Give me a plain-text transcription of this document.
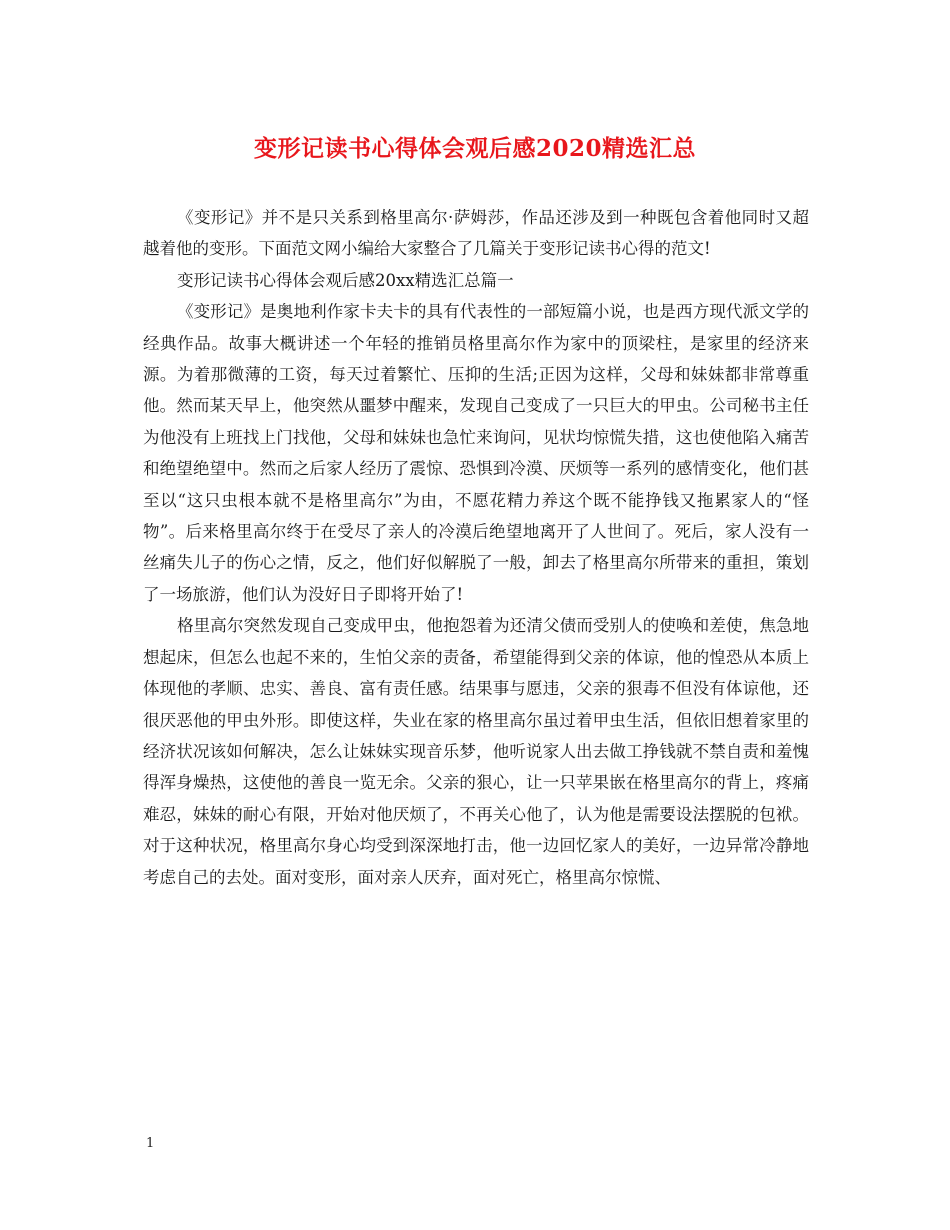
变形记读书心得体会观后感2020精选汇总

《变形记》并不是只关系到格里高尔·萨姆莎，作品还涉及到一种既包含着他同时又超越着他的变形。下面范文网小编给大家整合了几篇关于变形记读书心得的范文!

变形记读书心得体会观后感20xx精选汇总篇一

《变形记》是奥地利作家卡夫卡的具有代表性的一部短篇小说，也是西方现代派文学的经典作品。故事大概讲述一个年轻的推销员格里高尔作为家中的顶梁柱，是家里的经济来源。为着那微薄的工资，每天过着繁忙、压抑的生活;正因为这样，父母和妹妹都非常尊重他。然而某天早上，他突然从噩梦中醒来，发现自己变成了一只巨大的甲虫。公司秘书主任为他没有上班找上门找他，父母和妹妹也急忙来询问，见状均惊慌失措，这也使他陷入痛苦和绝望绝望中。然而之后家人经历了震惊、恐惧到冷漠、厌烦等一系列的感情变化，他们甚至以“这只虫根本就不是格里高尔”为由，不愿花精力养这个既不能挣钱又拖累家人的“怪物”。后来格里高尔终于在受尽了亲人的冷漠后绝望地离开了人世间了。死后，家人没有一丝痛失儿子的伤心之情，反之，他们好似解脱了一般，卸去了格里高尔所带来的重担，策划了一场旅游，他们认为没好日子即将开始了!

格里高尔突然发现自己变成甲虫，他抱怨着为还清父债而受别人的使唤和差使，焦急地想起床，但怎么也起不来的，生怕父亲的责备，希望能得到父亲的体谅，他的惶恐从本质上体现他的孝顺、忠实、善良、富有责任感。结果事与愿违，父亲的狠毒不但没有体谅他，还很厌恶他的甲虫外形。即使这样，失业在家的格里高尔虽过着甲虫生活，但依旧想着家里的经济状况该如何解决，怎么让妹妹实现音乐梦，他听说家人出去做工挣钱就不禁自责和羞愧得浑身燥热，这使他的善良一览无余。父亲的狠心，让一只苹果嵌在格里高尔的背上，疼痛难忍，妹妹的耐心有限，开始对他厌烦了，不再关心他了，认为他是需要设法摆脱的包袱。对于这种状况，格里高尔身心均受到深深地打击，他一边回忆家人的美好，一边异常冷静地考虑自己的去处。面对变形，面对亲人厌弃，面对死亡，格里高尔惊慌、

1
